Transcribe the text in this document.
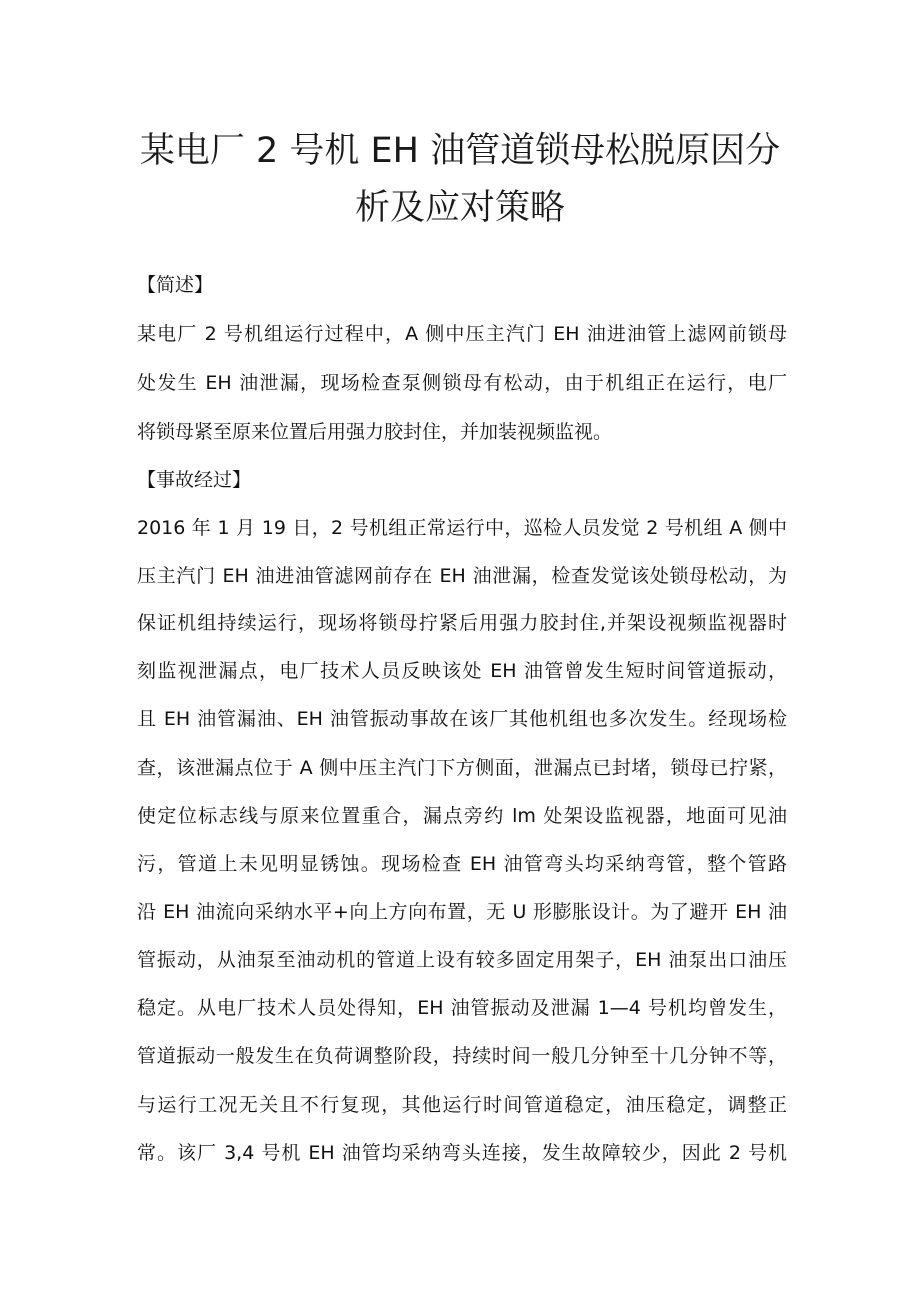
某电厂 2 号机 EH 油管道锁母松脱原因分
析及应对策略
【简述】
某电厂 2 号机组运行过程中，A 侧中压主汽门 EH 油进油管上滤网前锁母
处发生 EH 油泄漏，现场检查泵侧锁母有松动，由于机组正在运行，电厂
将锁母紧至原来位置后用强力胶封住，并加装视频监视。
【事故经过】
2016 年 1 月 19 日，2 号机组正常运行中，巡检人员发觉 2 号机组 A 侧中
压主汽门 EH 油进油管滤网前存在 EH 油泄漏，检查发觉该处锁母松动，为
保证机组持续运行，现场将锁母拧紧后用强力胶封住,并架设视频监视器时
刻监视泄漏点，电厂技术人员反映该处 EH 油管曾发生短时间管道振动，
且 EH 油管漏油、EH 油管振动事故在该厂其他机组也多次发生。经现场检
查，该泄漏点位于 A 侧中压主汽门下方侧面，泄漏点已封堵，锁母已拧紧，
使定位标志线与原来位置重合，漏点旁约 lm 处架设监视器，地面可见油
污，管道上未见明显锈蚀。现场检查 EH 油管弯头均采纳弯管，整个管路
沿 EH 油流向采纳水平+向上方向布置，无 U 形膨胀设计。为了避开 EH 油
管振动，从油泵至油动机的管道上设有较多固定用架子，EH 油泵出口油压
稳定。从电厂技术人员处得知，EH 油管振动及泄漏 1—4 号机均曾发生，
管道振动一般发生在负荷调整阶段，持续时间一般几分钟至十几分钟不等，
与运行工况无关且不行复现，其他运行时间管道稳定，油压稳定，调整正
常。该厂 3,4 号机 EH 油管均采纳弯头连接，发生故障较少，因此 2 号机
